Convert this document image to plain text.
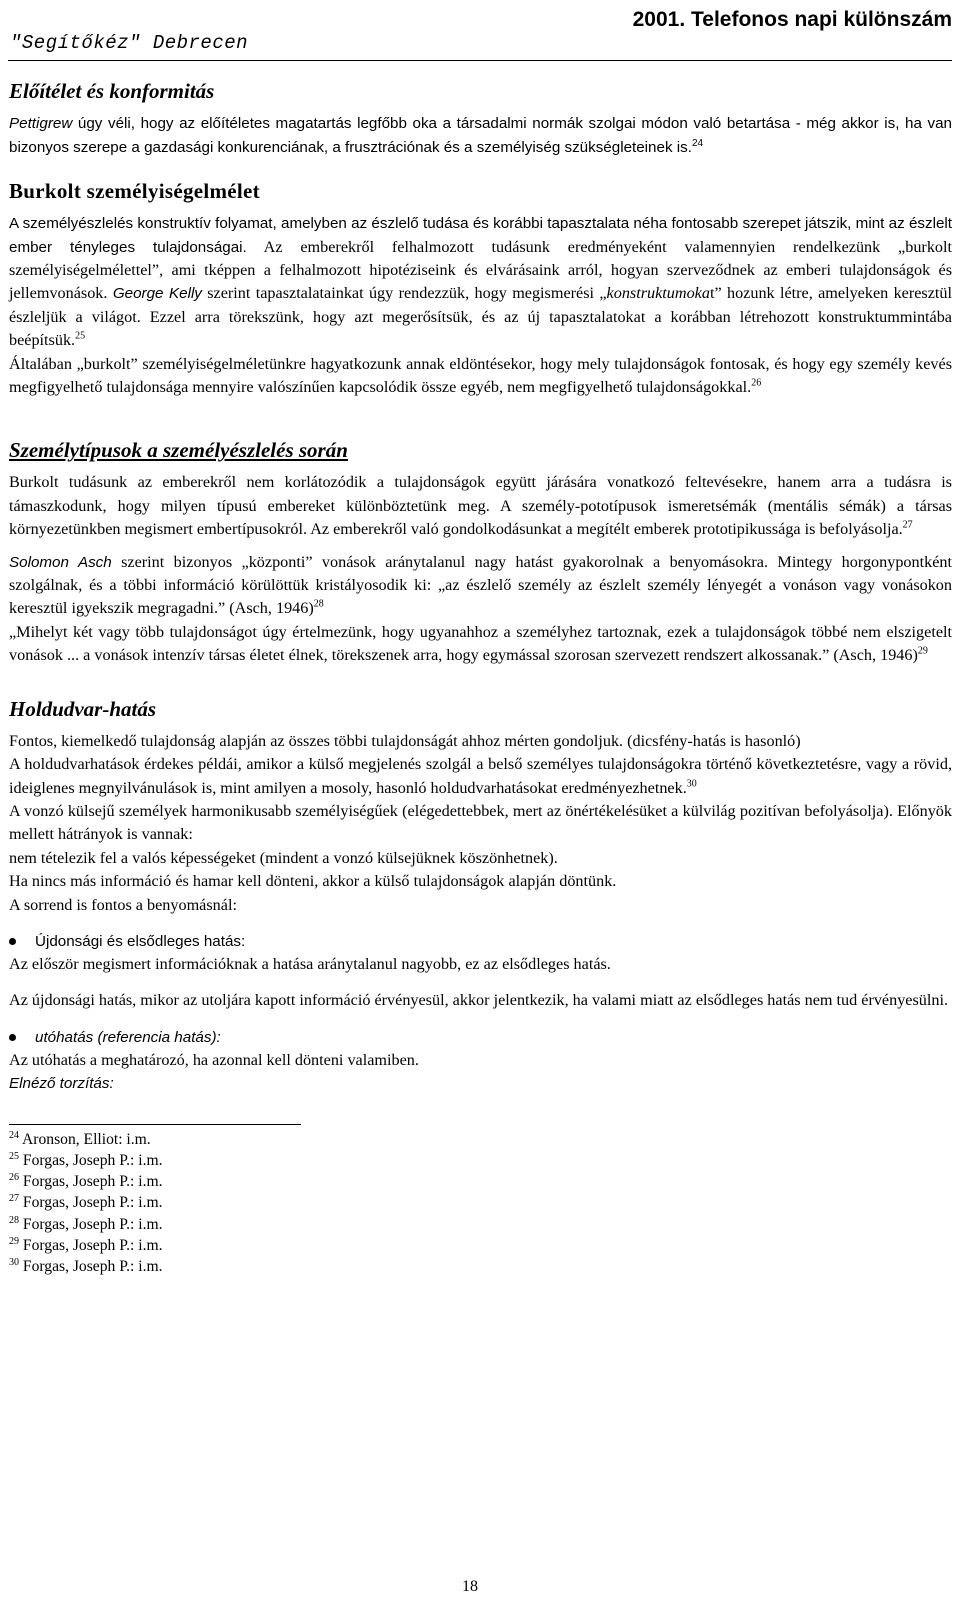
"Segítőkéz" Debrecen
2001. Telefonos napi különszám
Előítélet és konformitás

Pettigrew úgy véli, hogy az előítéletes magatartás legfőbb oka a társadalmi normák szolgai módon való betartása - még akkor is, ha van bizonyos szerepe a gazdasági konkurenciának, a frusztrációnak és a személyiség szükségleteinek is.$^{24}$

Burkolt személyiségelmélet

A személyészlelés konstruktív folyamat, amelyben az észlelő tudása és korábbi tapasztalata néha fontosabb szerepet játszik, mint az észlelt ember tényleges tulajdonságai. Az emberekről felhalmozott tudásunk eredményeként valamennyien rendelkezünk „burkolt személyiségelmélettel”, ami tképpen a felhalmozott hipotéziseink és elvárásaink arról, hogyan szerveződnek az emberi tulajdonságok és jellemvonások. George Kelly szerint tapasztalatainkat úgy rendezzük, hogy megismerési „konstruktumokat” hozunk létre, amelyeken keresztül észleljük a világot. Ezzel arra törekszünk, hogy azt megerősítsük, és az új tapasztalatokat a korábban létrehozott konstruktummintába beépítsük.$^{25}$

Általában „burkolt” személyiségelméletünkre hagyatkozunk annak eldöntésekor, hogy mely tulajdonságok fontosak, és hogy egy személy kevés megfigyelhető tulajdonsága mennyire valószínűen kapcsolódik össze egyéb, nem megfigyelhető tulajdonságokkal.$^{26}$

Személytípusok a személyészlelés során

Burkolt tudásunk az emberekről nem korlátozódik a tulajdonságok együtt járására vonatkozó feltevésekre, hanem arra a tudásra is támaszkodunk, hogy milyen típusú embereket különböztetünk meg. A személy-pototípusok ismeretsémák (mentális sémák) a társas környezetünkben megismert embertípusokról. Az emberekről való gondolkodásunkat a megítélt emberek prototipikussága is befolyásolja.$^{27}$

Solomon Asch szerint bizonyos „központi” vonások aránytalanul nagy hatást gyakorolnak a benyomásokra. Mintegy horgonypontként szolgálnak, és a többi információ körülöttük kristályosodik ki: „az észlelő személy az észlelt személy lényegét a vonáson vagy vonásokon keresztül igyekszik megragadni.” (Asch, 1946)$^{28}$

„Mihelyt két vagy több tulajdonságot úgy értelmezünk, hogy ugyanahhoz a személyhez tartoznak, ezek a tulajdonságok többé nem elszigetelt vonások ... a vonások intenzív társas életet élnek, törekszenek arra, hogy egymással szorosan szervezett rendszert alkossanak.” (Asch, 1946)$^{29}$

Holdudvar-hatás

Fontos, kiemelkedő tulajdonság alapján az összes többi tulajdonságát ahhoz mérten gondoljuk. (dicsfény-hatás is hasonló)

A holdudvarhatások érdekes példái, amikor a külső megjelenés szolgál a belső személyes tulajdonságokra történő következtetésre, vagy a rövid, ideiglenes megnyilvánulások is, mint amilyen a mosoly, hasonló holdudvarhatásokat eredményezhetnek.$^{30}$

A vonzó külsejű személyek harmonikusabb személyiségűek (elégedettebbek, mert az önértékelésüket a külvilág pozitívan befolyásolja). Előnyök mellett hátrányok is vannak:

nem tételezik fel a valós képességeket (mindent a vonzó külsejüknek köszönhetnek).

Ha nincs más információ és hamar kell dönteni, akkor a külső tulajdonságok alapján döntünk.

A sorrend is fontos a benyomásnál:

Újdonsági és elsődleges hatás:

Az először megismert információknak a hatása aránytalanul nagyobb, ez az elsődleges hatás.

Az újdonsági hatás, mikor az utoljára kapott információ érvényesül, akkor jelentkezik, ha valami miatt az elsődleges hatás nem tud érvényesülni.

utóhatás (referencia hatás):

Az utóhatás a meghatározó, ha azonnal kell dönteni valamiben.

Elnéző torzítás:

$^{24}$ Aronson, Elliot: i.m.
$^{25}$ Forgas, Joseph P.: i.m.
$^{26}$ Forgas, Joseph P.: i.m.
$^{27}$ Forgas, Joseph P.: i.m.
$^{28}$ Forgas, Joseph P.: i.m.
$^{29}$ Forgas, Joseph P.: i.m.
$^{30}$ Forgas, Joseph P.: i.m.
18
